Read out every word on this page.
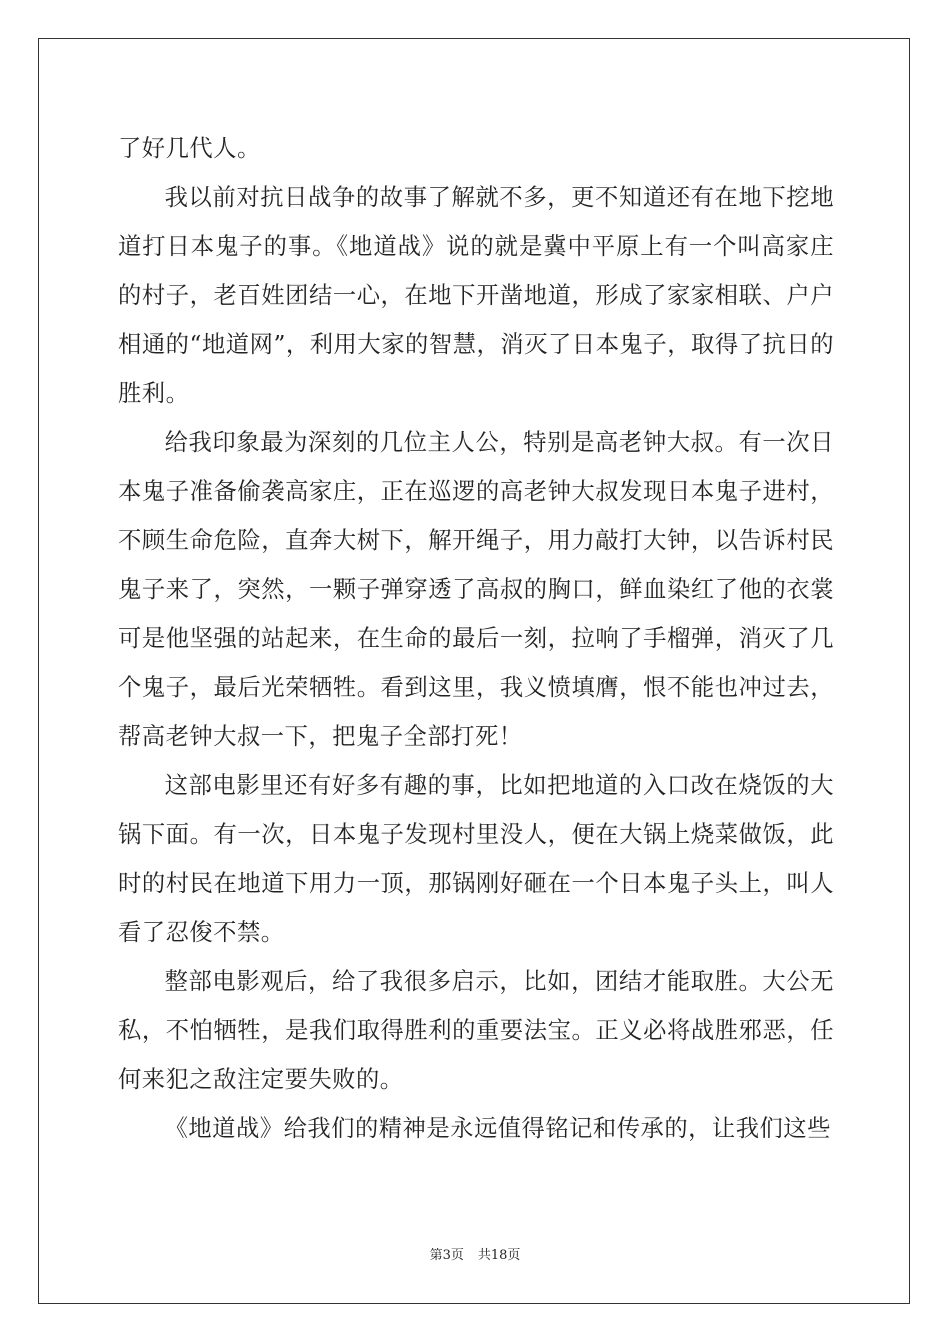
了好几代人。

我以前对抗日战争的故事了解就不多，更不知道还有在地下挖地道打日本鬼子的事。《地道战》说的就是冀中平原上有一个叫高家庄的村子，老百姓团结一心，在地下开凿地道，形成了家家相联、户户相通的“地道网”，利用大家的智慧，消灭了日本鬼子，取得了抗日的胜利。

给我印象最为深刻的几位主人公，特别是高老钟大叔。有一次日本鬼子准备偷袭高家庄，正在巡逻的高老钟大叔发现日本鬼子进村，不顾生命危险，直奔大树下，解开绳子，用力敲打大钟，以告诉村民鬼子来了，突然，一颗子弹穿透了高叔的胸口，鲜血染红了他的衣裳可是他坚强的站起来，在生命的最后一刻，拉响了手榴弹，消灭了几个鬼子，最后光荣牺牲。看到这里，我义愤填膺，恨不能也冲过去，帮高老钟大叔一下，把鬼子全部打死！

这部电影里还有好多有趣的事，比如把地道的入口改在烧饭的大锅下面。有一次，日本鬼子发现村里没人，便在大锅上烧菜做饭，此时的村民在地道下用力一顶，那锅刚好砸在一个日本鬼子头上，叫人看了忍俊不禁。

整部电影观后，给了我很多启示，比如，团结才能取胜。大公无私，不怕牺牲，是我们取得胜利的重要法宝。正义必将战胜邪恶，任何来犯之敌注定要失败的。

《地道战》给我们的精神是永远值得铭记和传承的，让我们这些

第3页 共18页
